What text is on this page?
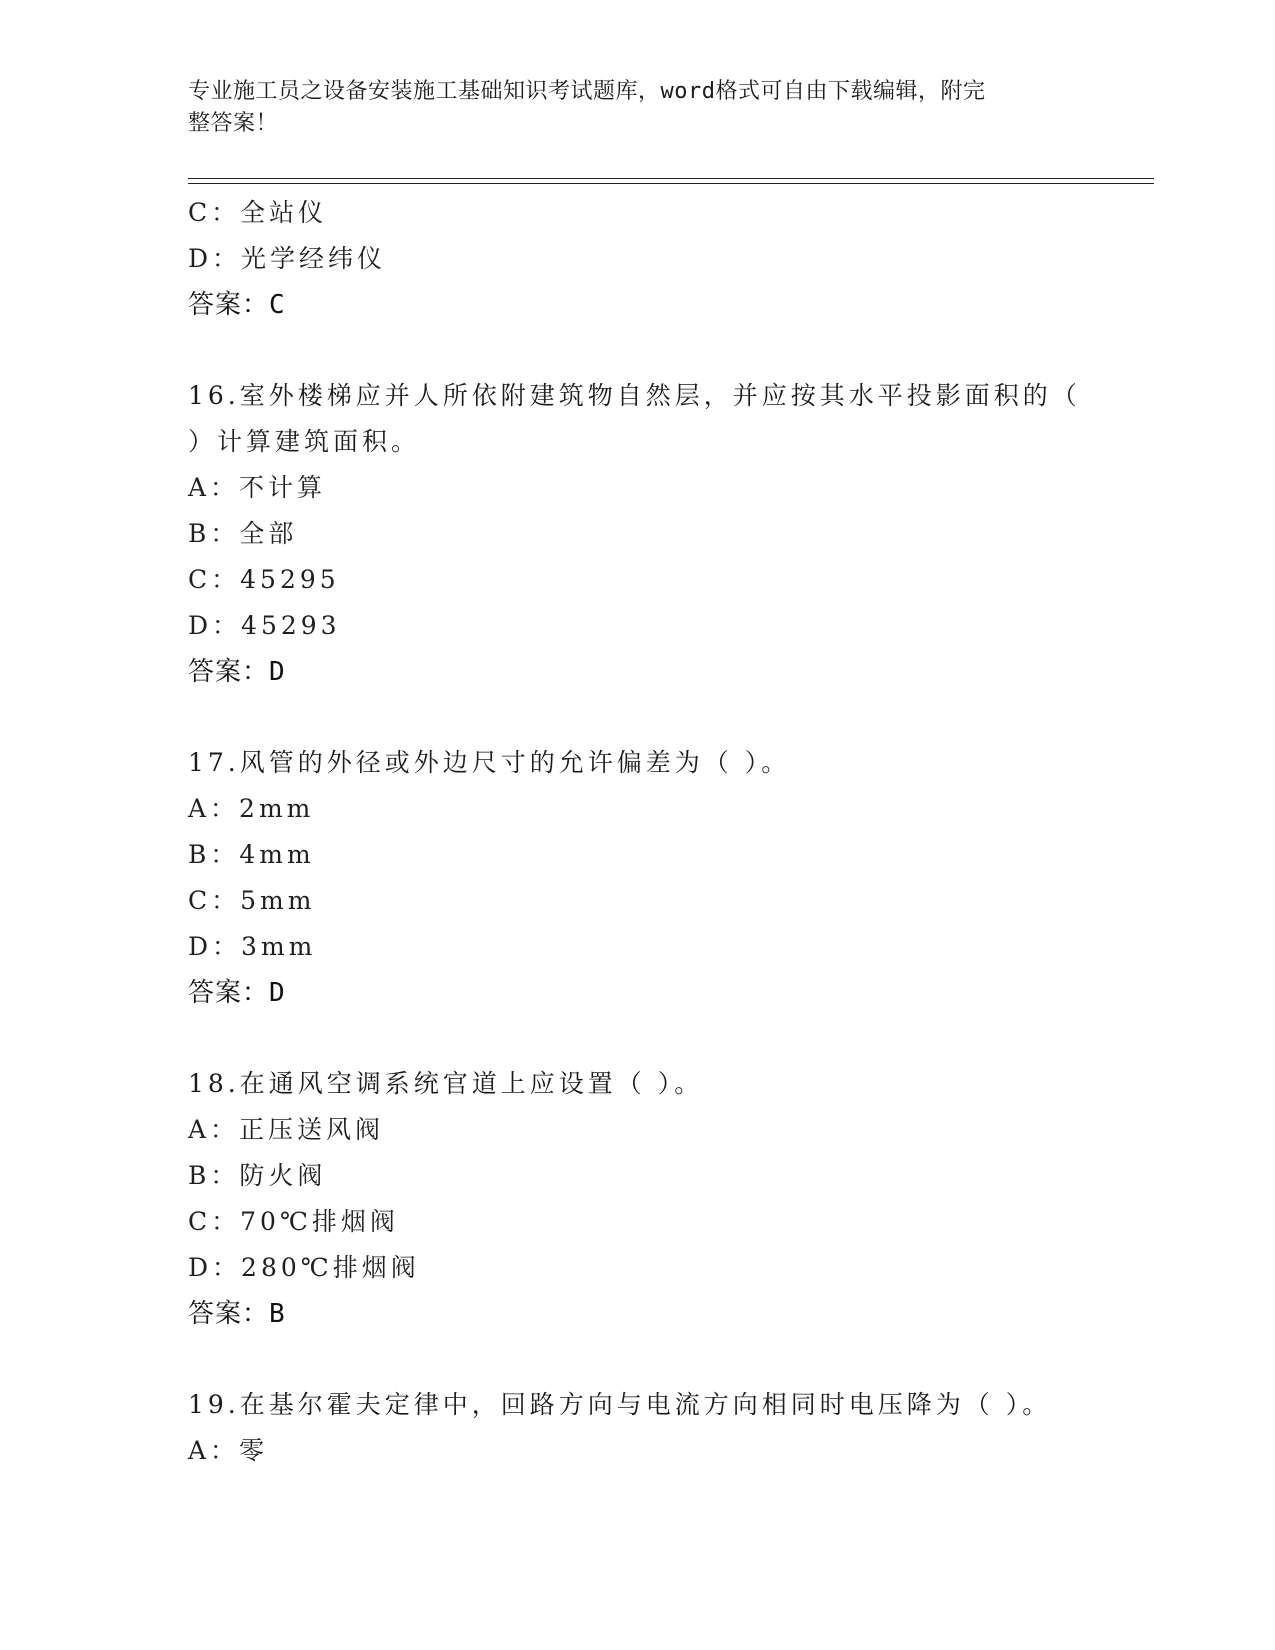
专业施工员之设备安装施工基础知识考试题库，word格式可自由下载编辑，附完
整答案！
C：全站仪
D：光学经纬仪
答案：C
16.室外楼梯应并人所依附建筑物自然层，并应按其水平投影面积的（
）计算建筑面积。
A：不计算
B：全部
C：45295
D：45293
答案：D
17.风管的外径或外边尺寸的允许偏差为（ ）。
A：2mm
B：4mm
C：5mm
D：3mm
答案：D
18.在通风空调系统官道上应设置（ ）。
A：正压送风阀
B：防火阀
C：70℃排烟阀
D：280℃排烟阀
答案：B
19.在基尔霍夫定律中，回路方向与电流方向相同时电压降为（ ）。
A：零
